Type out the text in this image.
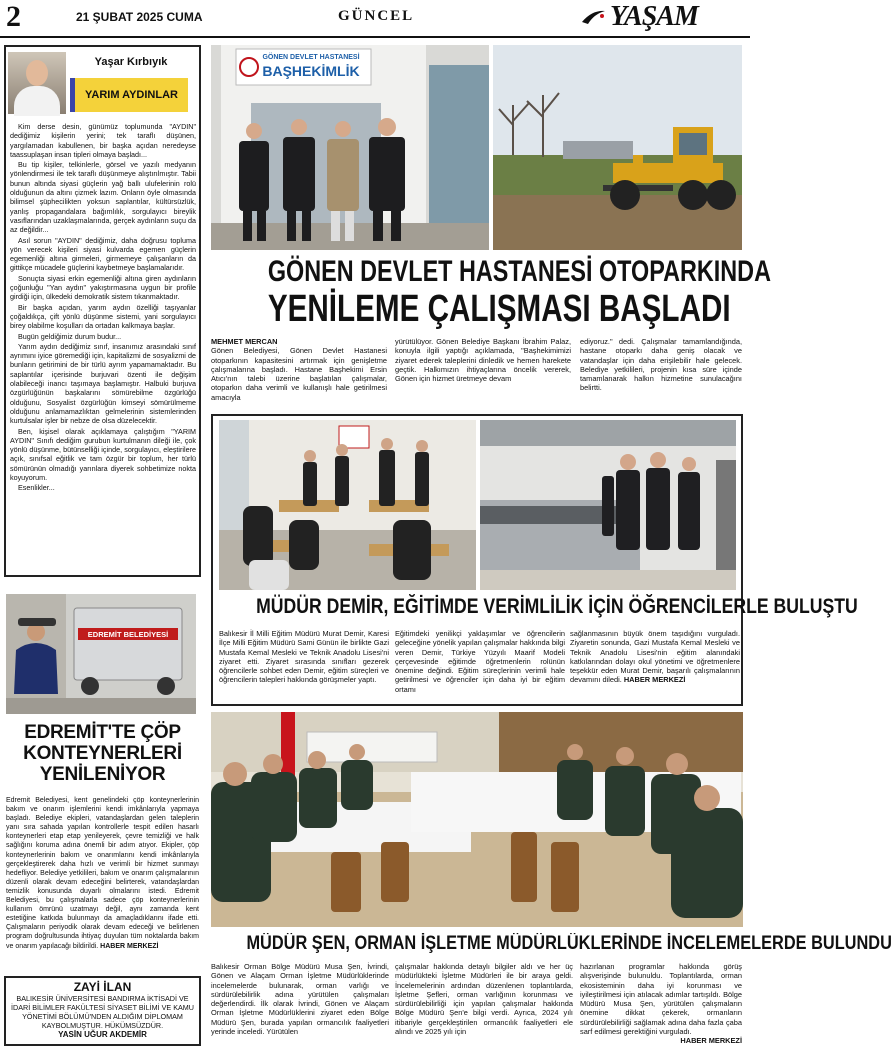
2	21 ŞUBAT 2025 CUMA	GÜNCEL	YAŞAM
Yaşar Kırbıyık
YARIM AYDINLAR

Kim derse desin, günümüz toplumunda "AYDIN" dediğimiz kişilerin yerini; tek taraflı düşünen, yargılamadan kabullenen, bir başka açıdan neredeyse taassuplaşan insan tipleri olmaya başladı...

Bu tip kişiler, telkinlerle, görsel ve yazılı medyanın yönlendirmesi ile tek taraflı düşünmeye alıştırılmıştır. Tabii bunun altında siyasi güçlerin yağ ballı ulufelerinin rolü olduğunun da altını çizmek lazım. Onların öyle olmasında bilimsel şüphecilikten yoksun saplantılar, kültürsüzlük, yanlış propagandalara bağımlılık, sorgulayıcı bireylik vasıflarından uzaklaşmalarında, gerçek aydınların suçu da az değildir...

Asıl sorun "AYDIN" dediğimiz, daha doğrusu topluma yön verecek kişileri siyasi kulvarda egemen güçlerin egemenliği altına girmeleri, girmemeye çalışanların da gittikçe mücadele güçlerini kaybetmeye başlamalarıdır.

Sonuçta siyasi erkin egemenliği altına giren aydınların çoğunluğu "Yan aydın" yakıştırmasına uygun bir profile girdiği için, ülkedeki demokratik sistem tıkanmaktadır.

Bir başka açıdan, yarım aydın özelliği taşıyanlar çoğaldıkça, çift yönlü düşünme sistemi, yani sorgulayıcı birey olabilme koşulları da ortadan kalkmaya başlar.

Bugün geldiğimiz durum budur...

Yarım aydın dediğimiz sınıf, insanımız arasındaki sınıf ayrımını iyice göremediği için, kapitalizmi de sosyalizmi de bunların getirimini de bir türlü ayrım yapamamaktadır. Bu saplantılar içerisinde burjuvari özenti ile değişim olabileceği inancı taşımaya başlamıştır. Halbuki burjuva özgürlüğünün başkalarını sömürebilme özgürlüğü olduğunu, Sosyalist özgürlüğün kimseyi sömürülmeme olduğunu anlamamazlıktan gelmelerinin sistemlerinden kurtulsalar işler bir nebze de olsa düzelecektir.

Ben, kişisel olarak açıklamaya çalıştığım "YARIM AYDIN" Sınıfı dediğim gurubun kurtulmanın dileği ile, çok yönlü düşünme, bütünselliği içinde, sorgulayıcı, eleştirilere açık, sınıfsal eğitlik ve tam özgür bir toplum, her türlü sömürünün olmadığı yarınlara diyerek sohbetimize nokta koyuyorum.

Esenlikler...

EDREMİT BELEDİYESİ
EDREMİT'TE ÇÖP KONTEYNERLERİ YENİLENİYOR
Edremit Belediyesi, kent genelindeki çöp konteynerlerinin bakım ve onarım işlemlerini kendi imkânlarıyla yapmaya başladı. Belediye ekipleri, vatandaşlardan gelen taleplerin yanı sıra sahada yapılan kontrollerle tespit edilen hasarlı konteynerleri etap etap yenileyerek, çevre temizliği ve halk sağlığını koruma adına önemli bir adım atıyor. Ekipler, çöp konteynerlerinin bakım ve onarımlarını kendi imkânlarıyla gerçekleştirerek daha hızlı ve verimli bir hizmet sunmayı hedefliyor. Belediye yetkilileri, bakım ve onarım çalışmalarının düzenli olarak devam edeceğini belirterek, vatandaşlardan temizlik konusunda duyarlı olmalarını istedi. Edremit Belediyesi, bu çalışmalarla sadece çöp konteynerlerinin kullanım ömrünü uzatmayı değil, aynı zamanda kent estetiğine katkıda bulunmayı da amaçladıklarını ifade etti. Çalışmaların periyodik olarak devam edeceği ve belirlenen program doğrultusunda ihtiyaç duyulan tüm noktalarda bakım ve onarım yapılacağı bildirildi. HABER MERKEZİ
ZAYİ İLAN
BALIKESİR ÜNİVERSİTESİ BANDIRMA İKTİSADİ VE İDARİ BİLİMLER FAKÜLTESİ SİYASET BİLİMİ VE KAMU YÖNETİMİ BÖLÜMÜ'NDEN ALDIĞIM DİPLOMAM KAYBOLMUŞTUR. HÜKÜMSÜZDÜR.
YASİN UĞUR AKDEMİR
GÖNEN DEVLET HASTANESİ
BAŞHEKİMLİK
GÖNEN DEVLET HASTANESİ OTOPARKINDA
YENİLEME ÇALIŞMASI BAŞLADI
MEHMET MERCAN
Gönen Belediyesi, Gönen Devlet Hastanesi otoparkının kapasitesini artırmak için genişletme çalışmalarına başladı. Hastane Başhekimi Ersin Atıcı'nın talebi üzerine başlatılan çalışmalar, otoparkın daha verimli ve kullanışlı hale getirilmesi amacıyla
yürütülüyor. Gönen Belediye Başkanı İbrahim Palaz, konuyla ilgili yaptığı açıklamada, "Başhekimimizi ziyaret ederek taleplerini dinledik ve hemen harekete geçtik. Halkımızın ihtiyaçlarına öncelik vererek, Gönen için hizmet üretmeye devam
ediyoruz." dedi. Çalışmalar tamamlandığında, hastane otoparkı daha geniş olacak ve vatandaşlar için daha erişilebilir hale gelecek. Belediye yetkilileri, projenin kısa süre içinde tamamlanarak halkın hizmetine sunulacağını belirtti.
MÜDÜR DEMİR, EĞİTİMDE VERİMLİLİK İÇİN ÖĞRENCİLERLE BULUŞTU
Balıkesir İl Milli Eğitim Müdürü Murat Demir, Karesi İlçe Milli Eğitim Müdürü Sami Günün ile birlikte Gazi Mustafa Kemal Mesleki ve Teknik Anadolu Lisesi'ni ziyaret etti. Ziyaret sırasında sınıfları gezerek öğrencilerle sohbet eden Demir, eğitim süreçleri ve öğrencilerin talepleri hakkında görüşmeler yaptı.
Eğitimdeki yenilikçi yaklaşımlar ve öğrencilerin geleceğine yönelik yapılan çalışmalar hakkında bilgi veren Demir, Türkiye Yüzyılı Maarif Modeli çerçevesinde eğitimde öğretmenlerin rolünün önemine değindi. Eğitim süreçlerinin verimli hale getirilmesi ve öğrenciler için daha iyi bir eğitim ortamı
sağlanmasının büyük önem taşıdığını vurguladı. Ziyaretin sonunda, Gazi Mustafa Kemal Mesleki ve Teknik Anadolu Lisesi'nin eğitim alanındaki katkılarından dolayı okul yönetimi ve öğretmenlere teşekkür eden Murat Demir, başarılı çalışmalarının devamını diledi. HABER MERKEZİ
MÜDÜR ŞEN, ORMAN İŞLETME MÜDÜRLÜKLERİNDE İNCELEMELERDE BULUNDU
Balıkesir Orman Bölge Müdürü Musa Şen, İvrindi, Gönen ve Alaçam Orman İşletme Müdürlüklerinde incelemelerde bulunarak, orman varlığı ve sürdürülebilirlik adına yürütülen çalışmaları değerlendirdi. İlk olarak İvrindi, Gönen ve Alaçam Orman İşletme Müdürlüklerini ziyaret eden Bölge Müdürü Şen, burada yapılan ormancılık faaliyetleri yerinde inceledi. Yürütülen
çalışmalar hakkında detaylı bilgiler aldı ve her üç müdürlükteki İşletme Müdürleri ile bir araya geldi. İncelemelerinin ardından düzenlenen toplantılarda, İşletme Şefleri, orman varlığının korunması ve sürdürülebilirliği için yapılan çalışmalar hakkında Bölge Müdürü Şen'e bilgi verdi. Ayrıca, 2024 yılı itibariyle gerçekleştirilen ormancılık faaliyetleri ele alındı ve 2025 yılı için
hazırlanan programlar hakkında görüş alışverişinde bulunuldu. Toplantılarda, orman ekosisteminin daha iyi korunması ve iyileştirilmesi için atılacak adımlar tartışıldı. Bölge Müdürü Musa Şen, yürütülen çalışmaların önemine dikkat çekerek, ormanların sürdürülebilirliği sağlamak adına daha fazla çaba sarf edilmesi gerektiğini vurguladı.
HABER MERKEZİ
